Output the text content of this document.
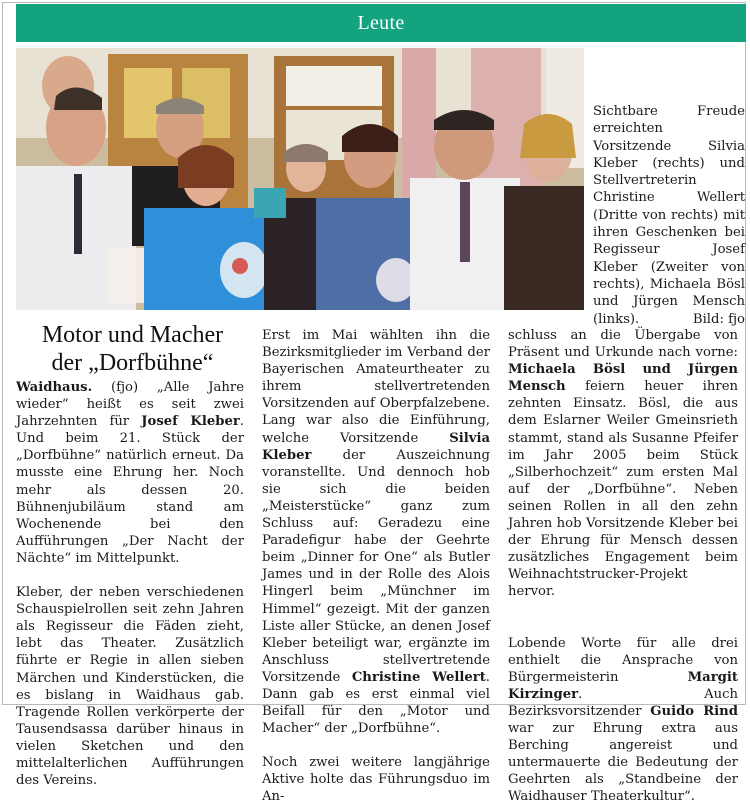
Leute
Sichtbare Freude erreichten Vorsitzende Silvia Kleber (rechts) und Stellvertreterin Christine Wellert (Dritte von rechts) mit ihren Geschenken bei Regisseur Josef Kleber (Zweiter von rechts), Michaela Bösl und Jürgen Mensch (links).	Bild: fjo
Motor und Macher
der „Dorfbühne“

Waidhaus. (fjo) „Alle Jahre wieder“ heißt es seit zwei Jahrzehnten für Josef Kleber. Und beim 21. Stück der „Dorfbühne“ natürlich erneut. Da musste eine Ehrung her. Noch mehr als dessen 20. Bühnenjubiläum stand am Wochenende bei den Aufführungen „Der Nacht der Nächte“ im Mittelpunkt.

Kleber, der neben verschiedenen Schauspielrollen seit zehn Jahren als Regisseur die Fäden zieht, lebt das Theater. Zusätzlich führte er Regie in allen sieben Märchen und Kinderstücken, die es bislang in Waidhaus gab. Tragende Rollen verkörperte der Tausendsassa darüber hinaus in vielen Sketchen und den mittelalterlichen Aufführungen des Vereins.

Erst im Mai wählten ihn die Bezirksmitglieder im Verband der Bayerischen Amateurtheater zu ihrem stellvertretenden Vorsitzenden auf Oberpfalzebene. Lang war also die Einführung, welche Vorsitzende Silvia Kleber der Auszeichnung voranstellte. Und dennoch hob sie sich die beiden „Meisterstücke“ ganz zum Schluss auf: Geradezu eine Paradefigur habe der Geehrte beim „Dinner for One“ als Butler James und in der Rolle des Alois Hingerl beim „Münchner im Himmel“ gezeigt. Mit der ganzen Liste aller Stücke, an denen Josef Kleber beteiligt war, ergänzte im Anschluss stellvertretende Vorsitzende Christine Wellert. Dann gab es erst einmal viel Beifall für den „Motor und Macher“ der „Dorfbühne“.

Noch zwei weitere langjährige Aktive holte das Führungsduo im An-

schluss an die Übergabe von Präsent und Urkunde nach vorne: Michaela Bösl und Jürgen Mensch feiern heuer ihren zehnten Einsatz. Bösl, die aus dem Eslarner Weiler Gmeinsrieth stammt, stand als Susanne Pfeifer im Jahr 2005 beim Stück „Silberhochzeit“ zum ersten Mal auf der „Dorfbühne“. Neben seinen Rollen in all den zehn Jahren hob Vorsitzende Kleber bei der Ehrung für Mensch dessen zusätzliches Engagement beim Weihnachtstrucker-Projekt hervor.

Lobende Worte für alle drei enthielt die Ansprache von Bürgermeisterin Margit Kirzinger. Auch Bezirksvorsitzender Guido Rind war zur Ehrung extra aus Berching angereist und untermauerte die Bedeutung der Geehrten als „Standbeine der Waidhauser Theaterkultur“.
